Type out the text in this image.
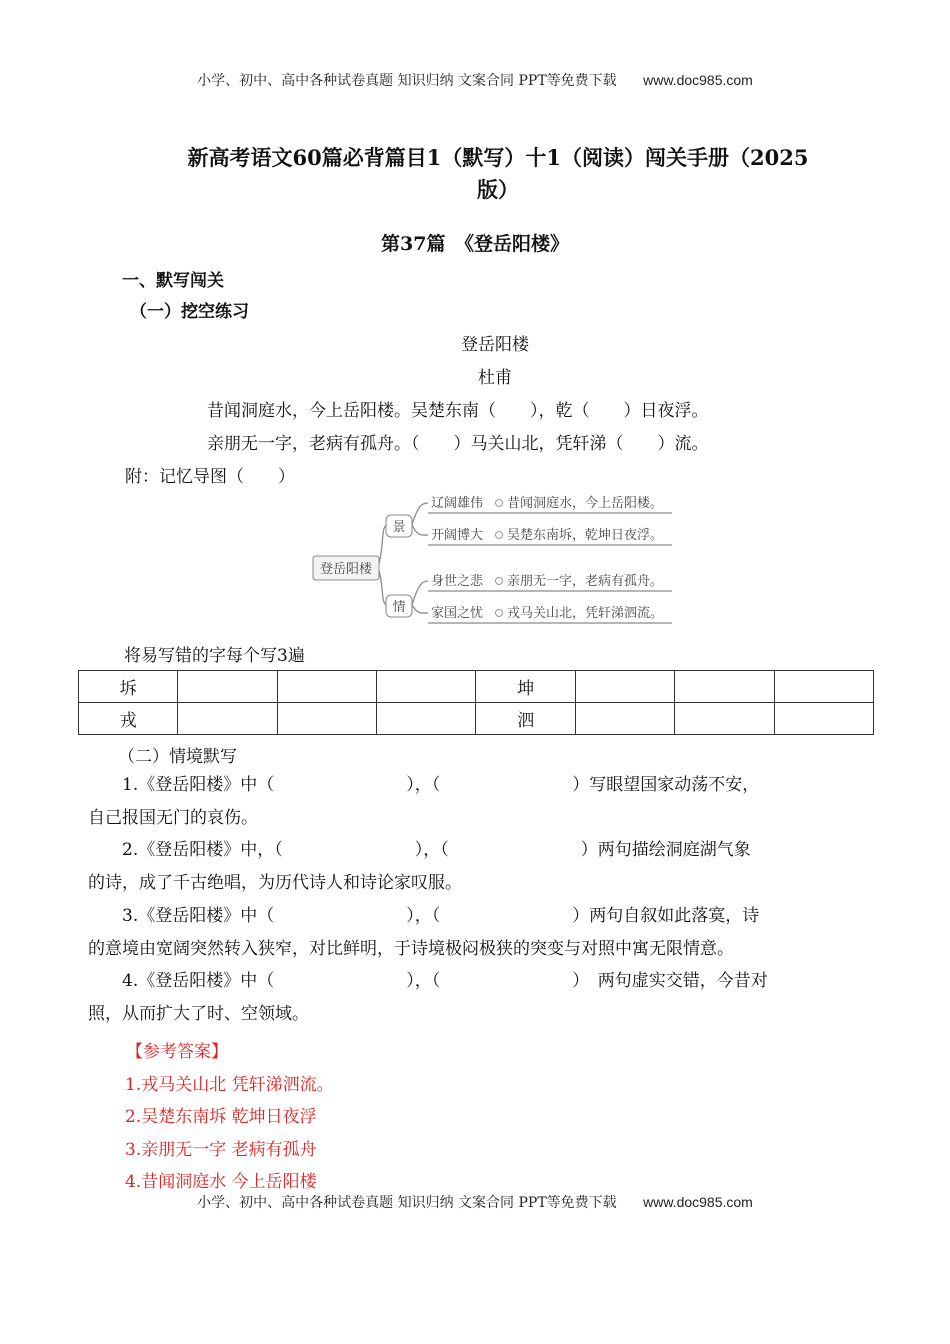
小学、初中、高中各种试卷真题 知识归纳 文案合同 PPT等免费下载 www.doc985.com
新高考语文60篇必背篇目1（默写）十1（阅读）闯关手册（2025
版）
第37篇　《登岳阳楼》
一、默写闯关
（一）挖空练习
登岳阳楼
杜甫
昔闻洞庭水，今上岳阳楼。吴楚东南（　　），乾（　　）日夜浮。
亲朋无一字，老病有孤舟。（　　）马关山北，凭轩涕（　　）流。
附：记忆导图（　　）
登岳阳楼
景
情
辽阔雄伟 昔闻洞庭水，今上岳阳楼。
开阔博大 吴楚东南坼，乾坤日夜浮。
身世之悲 亲朋无一字，老病有孤舟。
家国之忧 戎马关山北，凭轩涕泗流。
将易写错的字每个写3遍
坼				坤			
戎				泗			
（二）情境默写
1.《登岳阳楼》中（	），（	）写眼望国家动荡不安，
自己报国无门的哀伤。
2.《登岳阳楼》中，（	），（	）两句描绘洞庭湖气象
的诗，成了千古绝唱，为历代诗人和诗论家叹服。
3.《登岳阳楼》中（	），（	）两句自叙如此落寞，诗
的意境由宽阔突然转入狭窄，对比鲜明，于诗境极闷极狭的突变与对照中寓无限情意。
4.《登岳阳楼》中（	），（	）　两句虚实交错，今昔对
照，从而扩大了时、空领域。
【参考答案】
1.戎马关山北 凭轩涕泗流。
2.吴楚东南坼 乾坤日夜浮
3.亲朋无一字 老病有孤舟
4.昔闻洞庭水 今上岳阳楼
小学、初中、高中各种试卷真题 知识归纳 文案合同 PPT等免费下载 www.doc985.com
